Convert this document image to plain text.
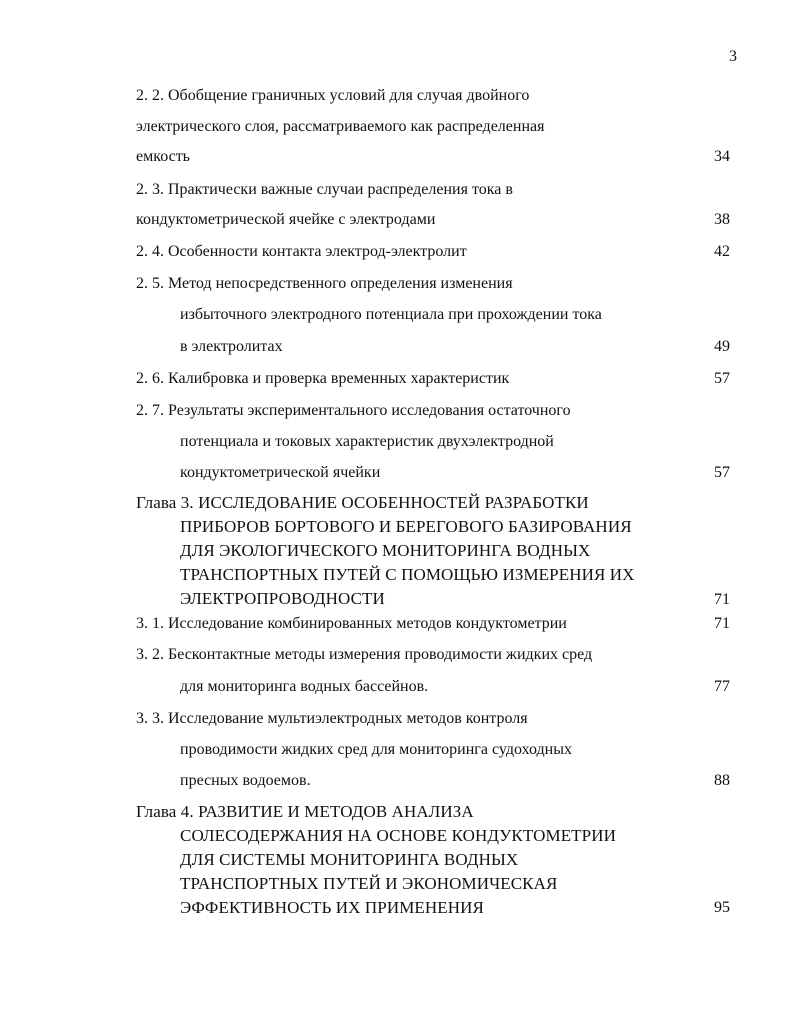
3
2. 2. Обобщение граничных условий для случая двойного
электрического слоя, рассматриваемого как распределенная
емкость	34
2. 3. Практически важные случаи распределения тока в
кондуктометрической ячейке с электродами	38
2. 4. Особенности контакта электрод-электролит	42
2. 5. Метод непосредственного определения изменения
избыточного электродного потенциала при прохождении тока
в электролитах	49
2. 6. Калибровка и проверка временных характеристик	57
2. 7. Результаты экспериментального исследования остаточного
потенциала и токовых характеристик двухэлектродной
кондуктометрической ячейки	57
Глава 3. ИССЛЕДОВАНИЕ ОСОБЕННОСТЕЙ РАЗРАБОТКИ
ПРИБОРОВ БОРТОВОГО И БЕРЕГОВОГО БАЗИРОВАНИЯ
ДЛЯ ЭКОЛОГИЧЕСКОГО МОНИТОРИНГА ВОДНЫХ
ТРАНСПОРТНЫХ ПУТЕЙ С ПОМОЩЬЮ ИЗМЕРЕНИЯ ИХ
ЭЛЕКТРОПРОВОДНОСТИ	71
3. 1. Исследование комбинированных методов кондуктометрии	71
3. 2. Бесконтактные методы измерения проводимости жидких сред
для мониторинга водных бассейнов.	77
3. 3. Исследование мультиэлектродных методов контроля
проводимости жидких сред для мониторинга судоходных
пресных водоемов.	88
Глава 4. РАЗВИТИЕ И МЕТОДОВ АНАЛИЗА
СОЛЕСОДЕРЖАНИЯ НА ОСНОВЕ КОНДУКТОМЕТРИИ
ДЛЯ СИСТЕМЫ МОНИТОРИНГА ВОДНЫХ
ТРАНСПОРТНЫХ ПУТЕЙ И ЭКОНОМИЧЕСКАЯ
ЭФФЕКТИВНОСТЬ ИХ ПРИМЕНЕНИЯ	95
